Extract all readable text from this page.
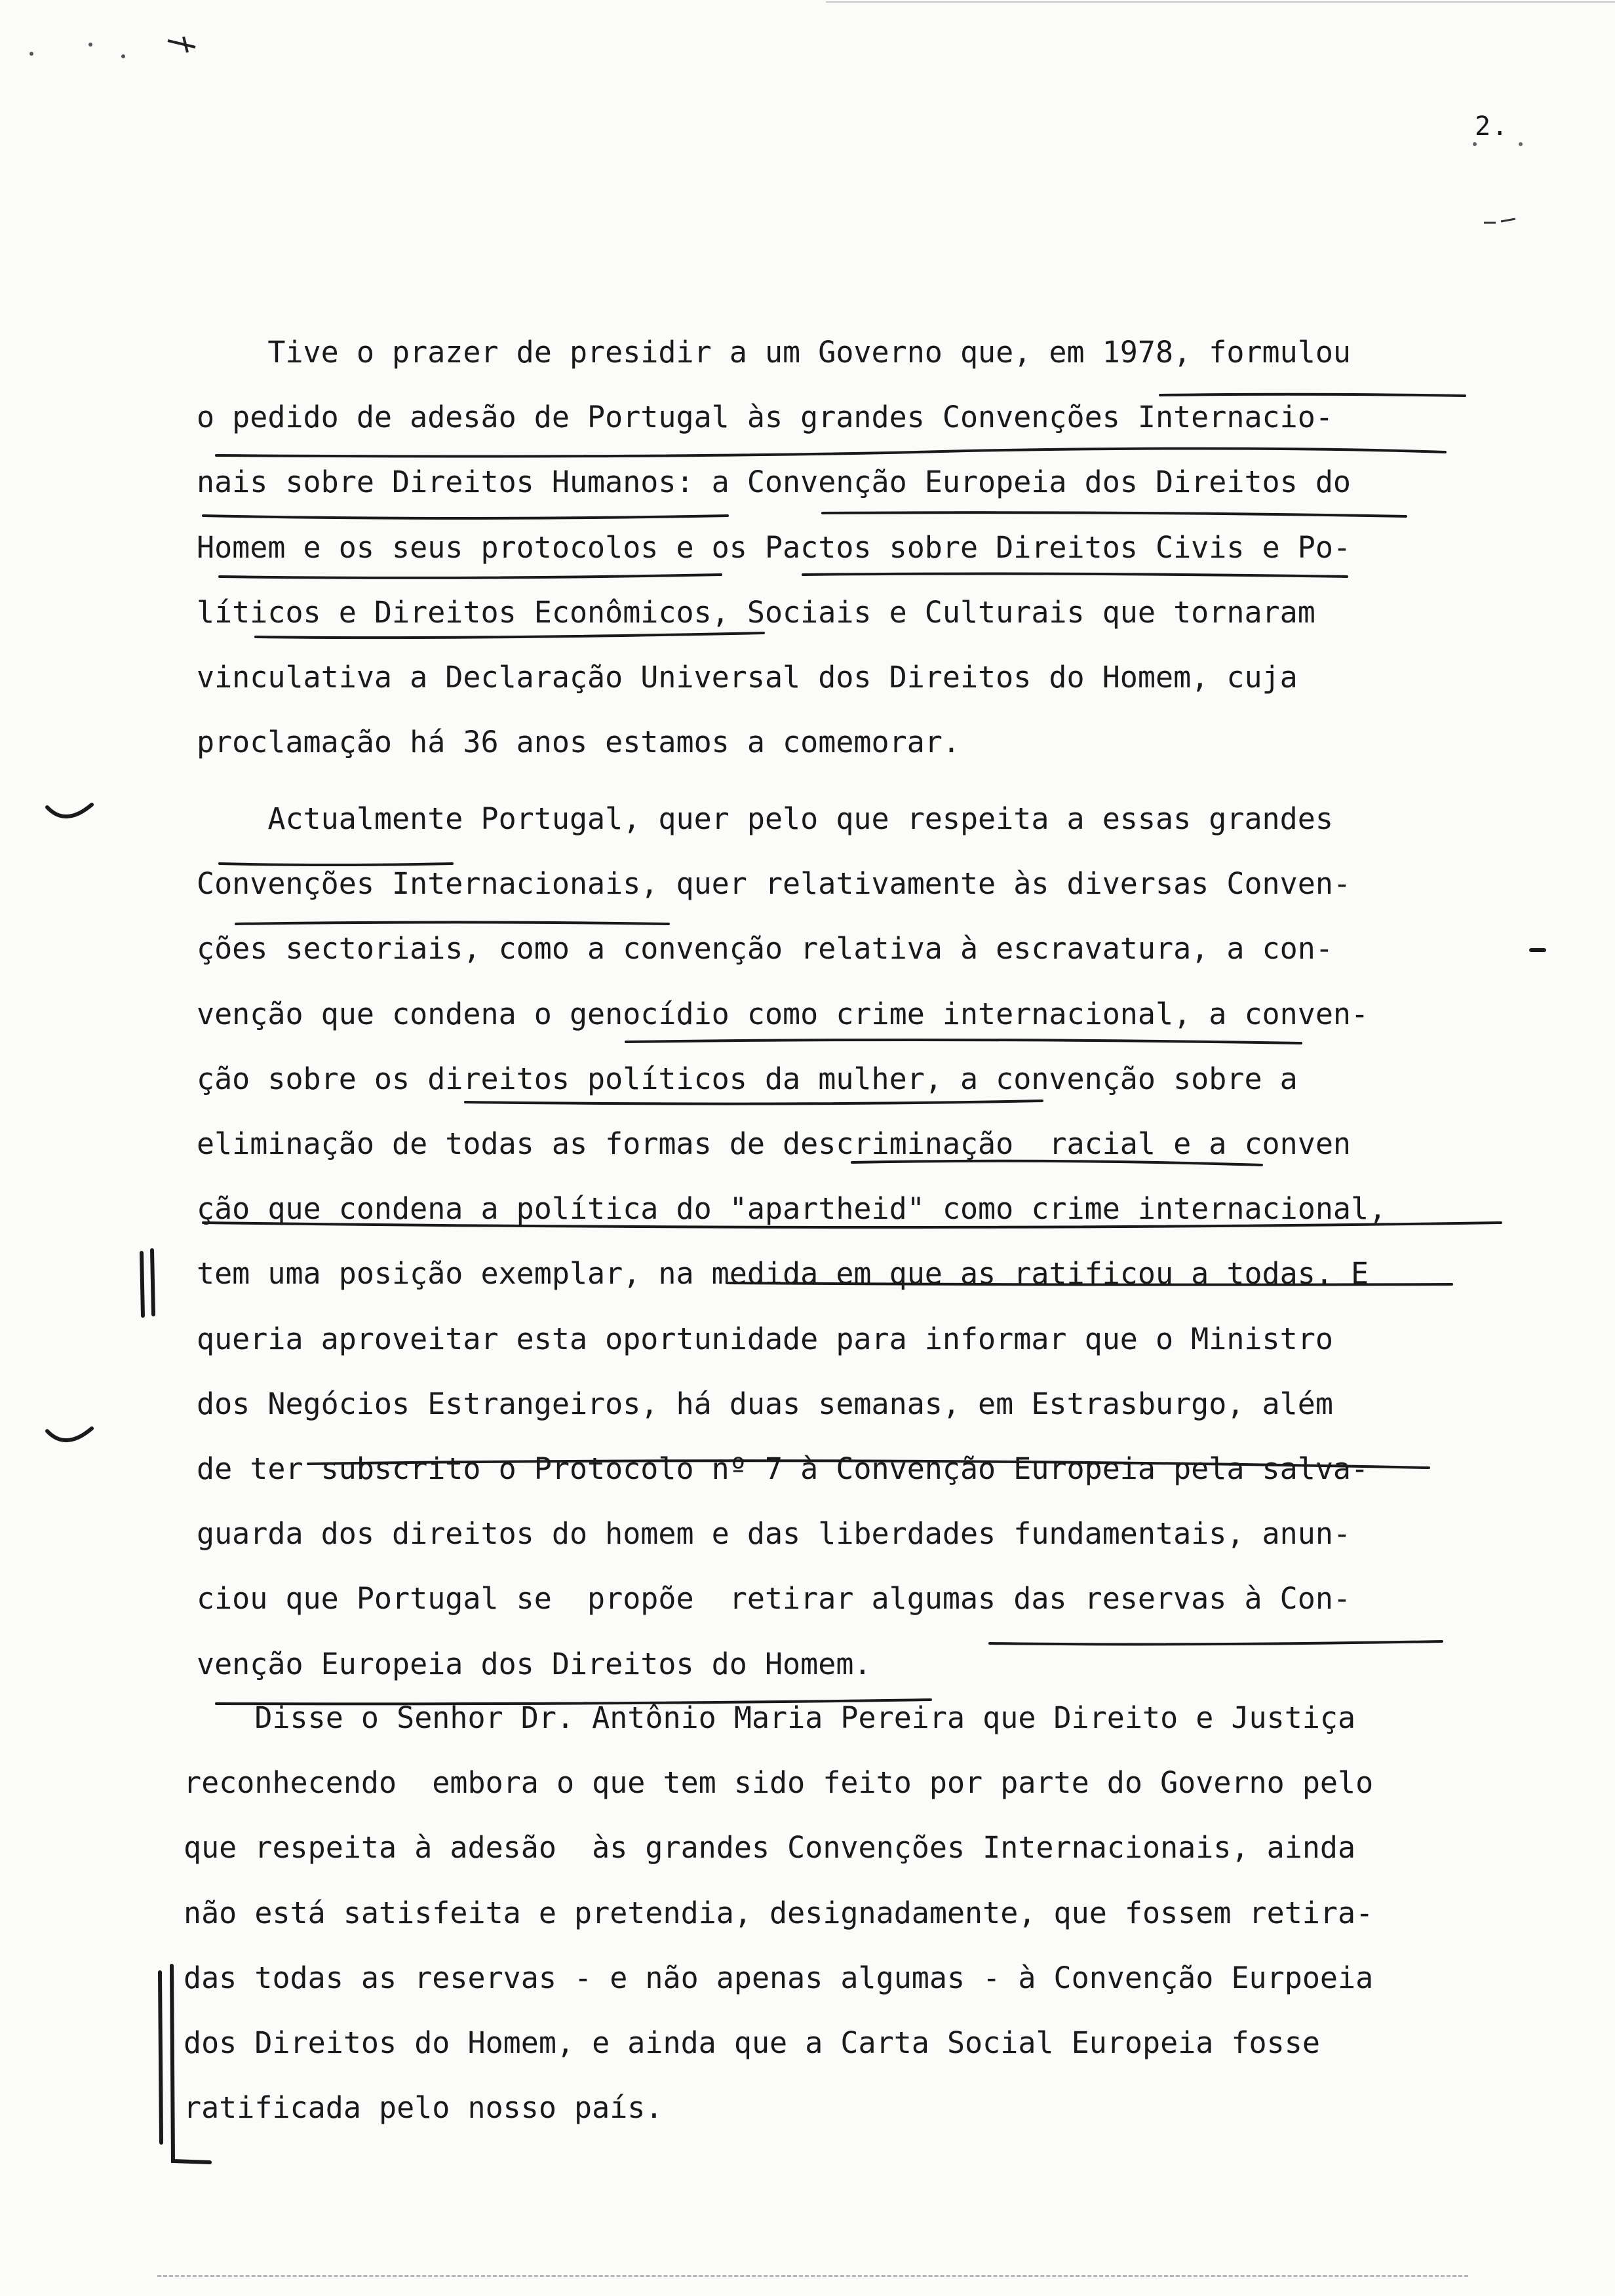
2.
Tive o prazer de presidir a um Governo que, em 1978, formulou
o pedido de adesão de Portugal às grandes Convenções Internacio-
nais sobre Direitos Humanos: a Convenção Europeia dos Direitos do
Homem e os seus protocolos e os Pactos sobre Direitos Civis e Po-
líticos e Direitos Econômicos, Sociais e Culturais que tornaram
vinculativa a Declaração Universal dos Direitos do Homem, cuja
proclamação há 36 anos estamos a comemorar.
Actualmente Portugal, quer pelo que respeita a essas grandes
Convenções Internacionais, quer relativamente às diversas Conven-
ções sectoriais, como a convenção relativa à escravatura, a con-
venção que condena o genocídio como crime internacional, a conven-
ção sobre os direitos políticos da mulher, a convenção sobre a
eliminação de todas as formas de descriminação  racial e a conven
ção que condena a política do "apartheid" como crime internacional,
tem uma posição exemplar, na medida em que as ratificou a todas. E
queria aproveitar esta oportunidade para informar que o Ministro
dos Negócios Estrangeiros, há duas semanas, em Estrasburgo, além
de ter subscrito o Protocolo nº 7 à Convenção Europeia pela salva-
guarda dos direitos do homem e das liberdades fundamentais, anun-
ciou que Portugal se  propõe  retirar algumas das reservas à Con-
venção Europeia dos Direitos do Homem.
Disse o Senhor Dr. Antônio Maria Pereira que Direito e Justiça
reconhecendo  embora o que tem sido feito por parte do Governo pelo
que respeita à adesão  às grandes Convenções Internacionais, ainda
não está satisfeita e pretendia, designadamente, que fossem retira-
das todas as reservas - e não apenas algumas - à Convenção Eurpoeia
dos Direitos do Homem, e ainda que a Carta Social Europeia fosse
ratificada pelo nosso país.
